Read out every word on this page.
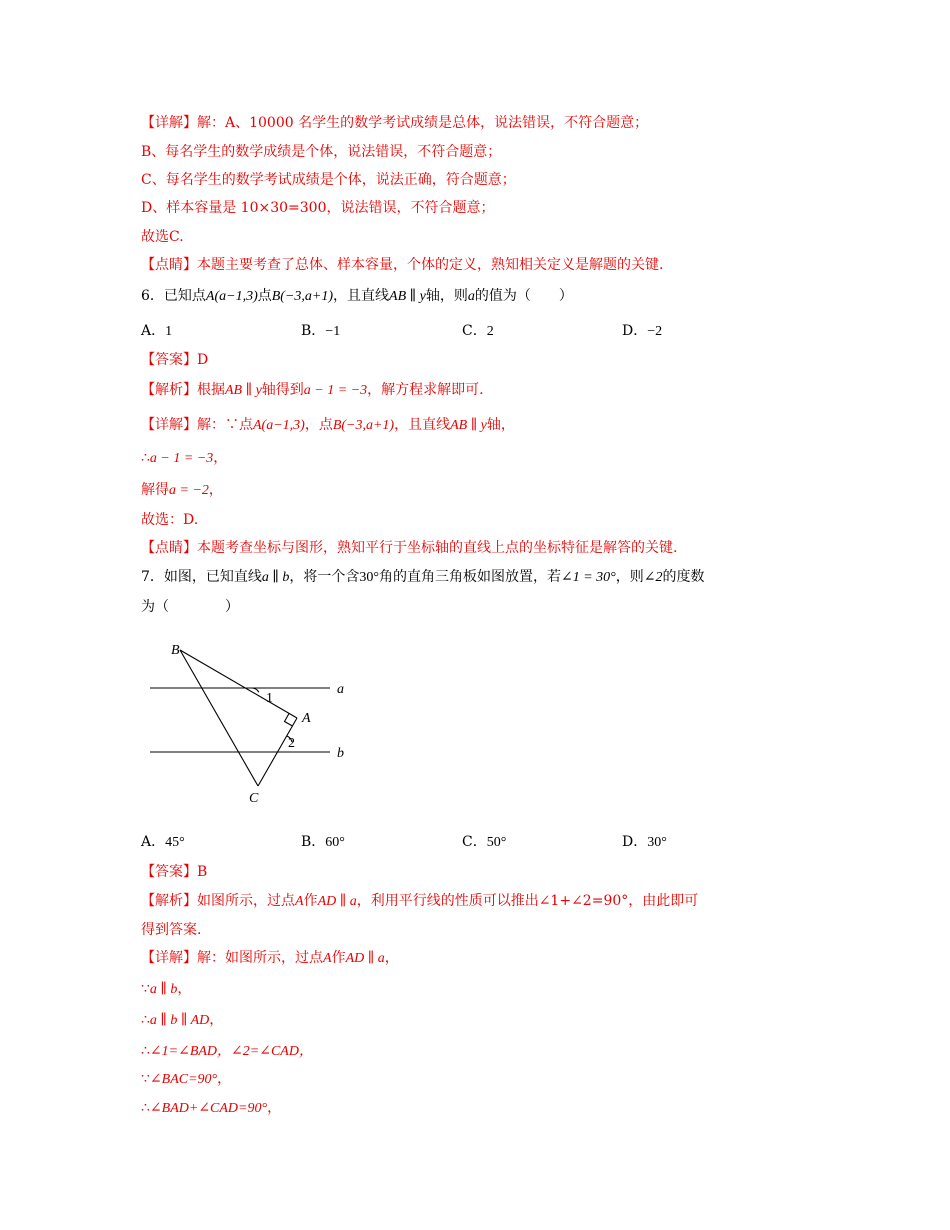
【详解】解：A、10000 名学生的数学考试成绩是总体，说法错误，不符合题意；
B、每名学生的数学成绩是个体，说法错误，不符合题意；
C、每名学生的数学考试成绩是个体，说法正确，符合题意；
D、样本容量是 10×30=300，说法错误，不符合题意；
故选C.
【点睛】本题主要考查了总体、样本容量，个体的定义，熟知相关定义是解题的关键.
6．已知点A(a−1,3)点B(−3,a+1)，且直线AB ∥ y轴，则a的值为（　　）
A．1	B．−1	C．2	D．−2
【答案】D
【解析】根据AB ∥ y轴得到a − 1 = −3，解方程求解即可.
【详解】解：∵点A(a−1,3)，点B(−3,a+1)，且直线AB ∥ y轴，
∴a − 1 = −3，
解得a = −2，
故选：D.
【点睛】本题考查坐标与图形，熟知平行于坐标轴的直线上点的坐标特征是解答的关键.
7．如图，已知直线a ∥ b，将一个含30°角的直角三角板如图放置，若∠1 = 30°，则∠2的度数
为（　　　　）
B
A
C
a
b
1
2
A．45°	B．60°	C．50°	D．30°
【答案】B
【解析】如图所示，过点A作AD ∥ a，利用平行线的性质可以推出∠1+∠2=90°，由此即可
得到答案.
【详解】解：如图所示，过点A作AD ∥ a，
∵a ∥ b，
∴a ∥ b ∥ AD，
∴∠1=∠BAD，∠2=∠CAD，
∵∠BAC=90°，
∴∠BAD+∠CAD=90°，
